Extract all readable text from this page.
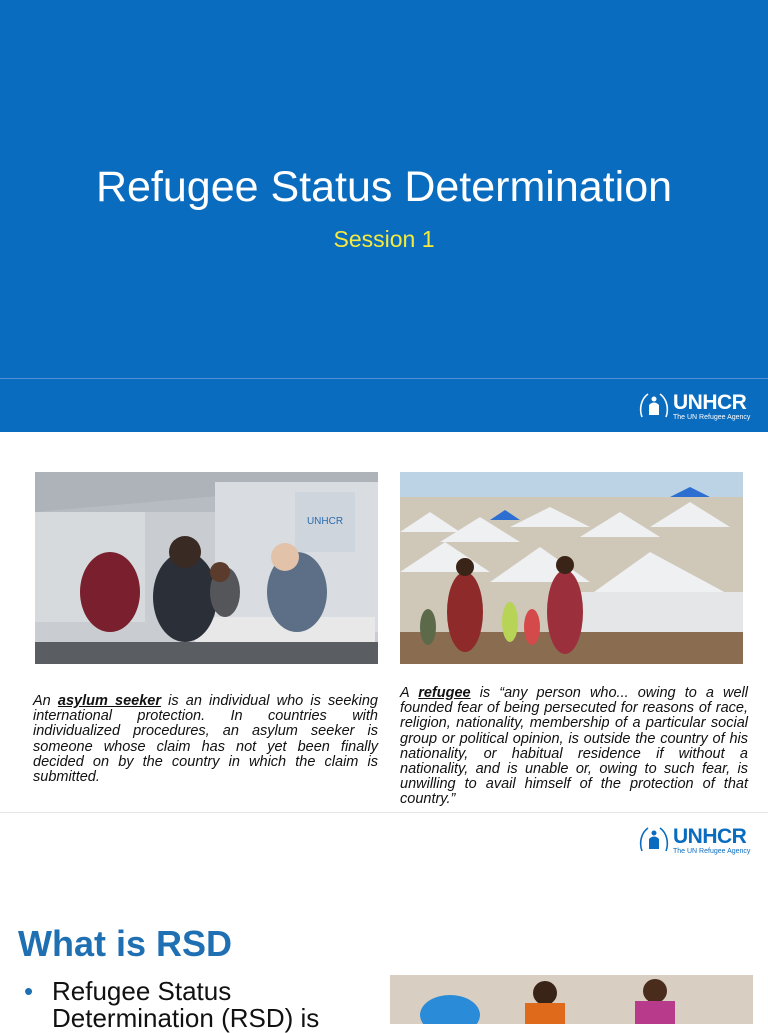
Refugee Status Determination
Session 1
UNHCR
The UN Refugee Agency
UNHCR
An asylum seeker is an individual who is seeking international protection. In countries with individualized procedures, an asylum seeker is someone whose claim has not yet been finally decided on by the country in which the claim is submitted.
A refugee is “any person who... owing to a well founded fear of being persecuted for reasons of race, religion, nationality, membership of a particular social group or political opinion, is outside the country of his nationality, or habitual residence if without a nationality, and is unable or, owing to such fear, is unwilling to avail himself of the protection of that country.”
UNHCR
The UN Refugee Agency
What is RSD
• Refugee Status
Determination (RSD) is
